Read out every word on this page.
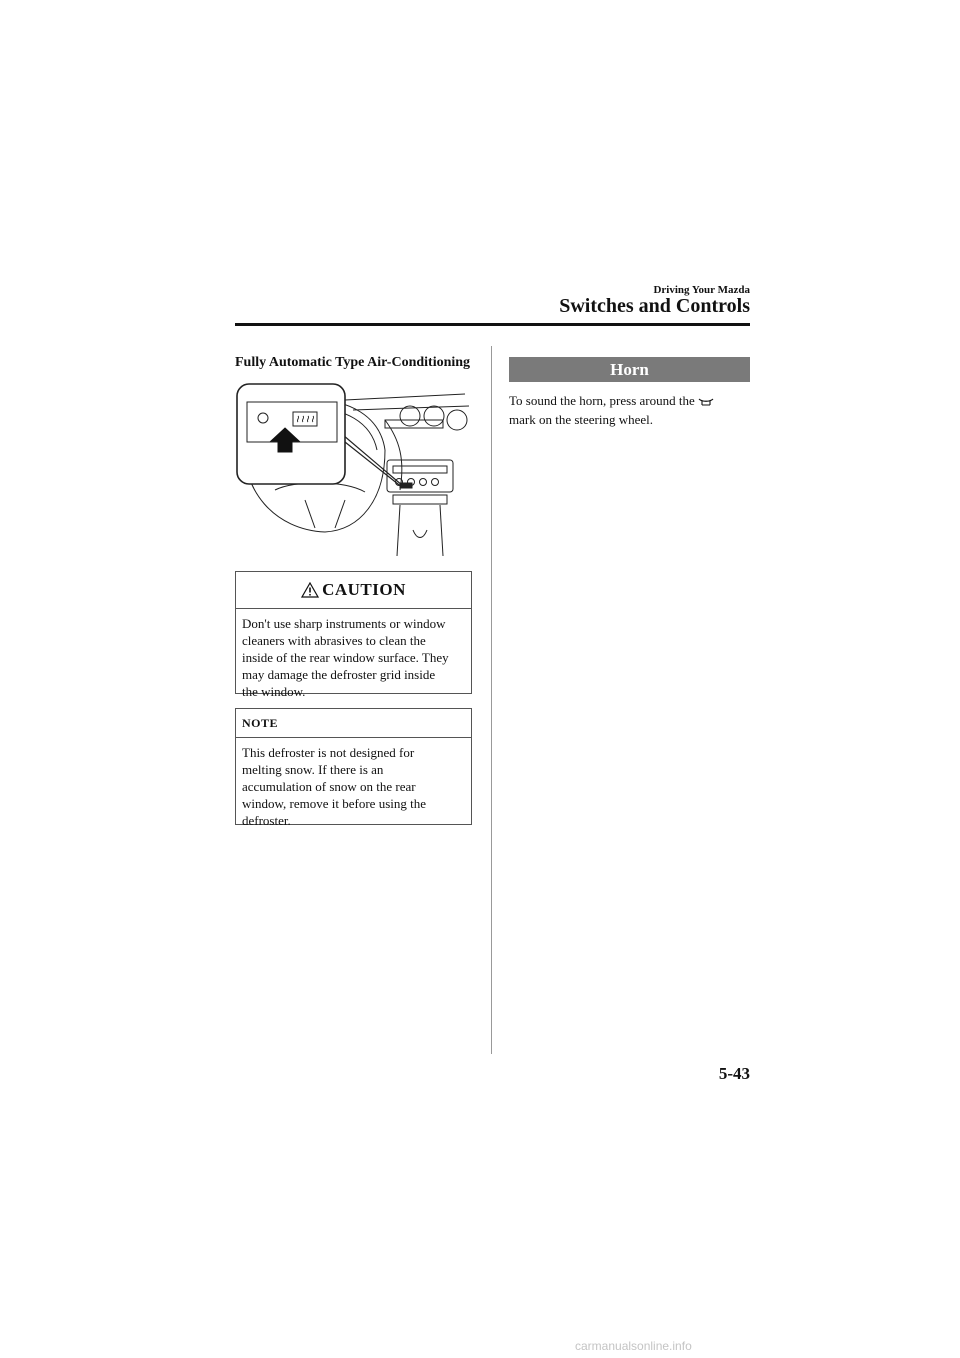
Driving Your Mazda
Switches and Controls
Fully Automatic Type Air-Conditioning
CAUTION
Don't use sharp instruments or window
cleaners with abrasives to clean the
inside of the rear window surface. They
may damage the defroster grid inside
the window.
NOTE
This defroster is not designed for
melting snow. If there is an
accumulation of snow on the rear
window, remove it before using the
defroster.
Horn
To sound the horn, press around the
mark on the steering wheel.
5-43
carmanualsonline.info
